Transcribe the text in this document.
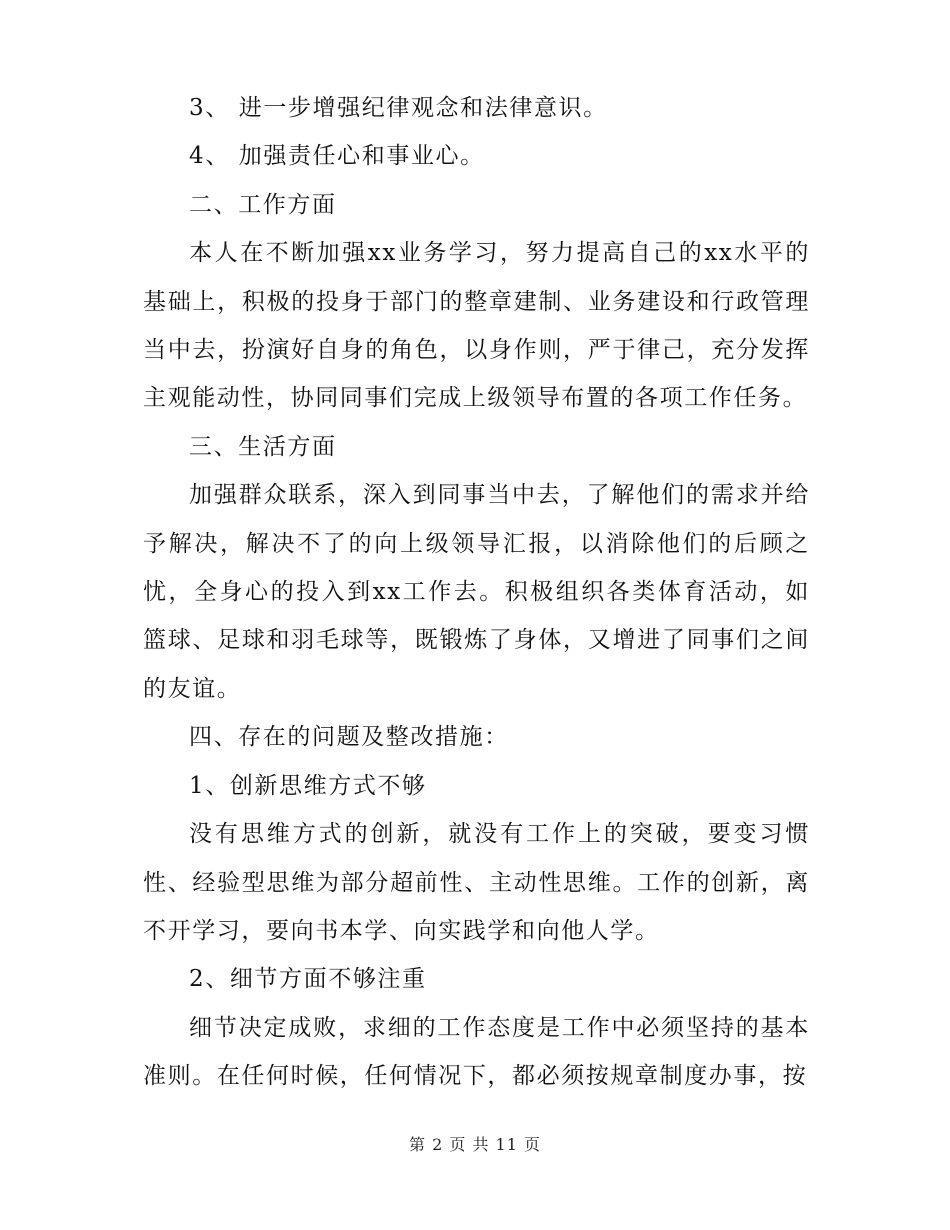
3、 进一步增强纪律观念和法律意识。

4、 加强责任心和事业心。

二、工作方面

本人在不断加强xx业务学习，努力提高自己的xx水平的基础上，积极的投身于部门的整章建制、业务建设和行政管理当中去，扮演好自身的角色，以身作则，严于律己，充分发挥主观能动性，协同同事们完成上级领导布置的各项工作任务。

三、生活方面

加强群众联系，深入到同事当中去，了解他们的需求并给予解决，解决不了的向上级领导汇报，以消除他们的后顾之忧，全身心的投入到xx工作去。积极组织各类体育活动，如篮球、足球和羽毛球等，既锻炼了身体，又增进了同事们之间的友谊。

四、存在的问题及整改措施：

1、创新思维方式不够

没有思维方式的创新，就没有工作上的突破，要变习惯性、经验型思维为部分超前性、主动性思维。工作的创新，离不开学习，要向书本学、向实践学和向他人学。

2、细节方面不够注重

细节决定成败，求细的工作态度是工作中必须坚持的基本准则。在任何时候，任何情况下，都必须按规章制度办事，按

第 2 页 共 11 页
